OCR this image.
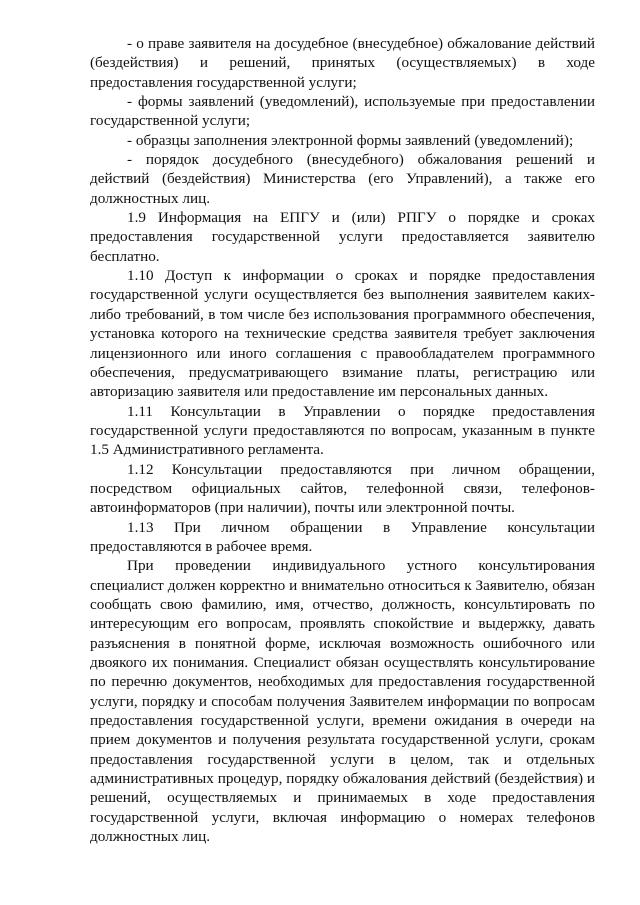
- о праве заявителя на досудебное (внесудебное) обжалование действий (бездействия) и решений, принятых (осуществляемых) в ходе предоставления государственной услуги;

- формы заявлений (уведомлений), используемые при предоставлении государственной услуги;

- образцы заполнения электронной формы заявлений (уведомлений);

- порядок досудебного (внесудебного) обжалования решений и действий (бездействия) Министерства (его Управлений), а также его должностных лиц.

1.9 Информация на ЕПГУ и (или) РПГУ о порядке и сроках предоставления государственной услуги предоставляется заявителю бесплатно.

1.10 Доступ к информации о сроках и порядке предоставления государственной услуги осуществляется без выполнения заявителем каких-либо требований, в том числе без использования программного обеспечения, установка которого на технические средства заявителя требует заключения лицензионного или иного соглашения с правообладателем программного обеспечения, предусматривающего взимание платы, регистрацию или авторизацию заявителя или предоставление им персональных данных.

1.11 Консультации в Управлении о порядке предоставления государственной услуги предоставляются по вопросам, указанным в пункте 1.5 Административного регламента.

1.12 Консультации предоставляются при личном обращении, посредством официальных сайтов, телефонной связи, телефонов-автоинформаторов (при наличии), почты или электронной почты.

1.13 При личном обращении в Управление консультации предоставляются в рабочее время.

При проведении индивидуального устного консультирования специалист должен корректно и внимательно относиться к Заявителю, обязан сообщать свою фамилию, имя, отчество, должность, консультировать по интересующим его вопросам, проявлять спокойствие и выдержку, давать разъяснения в понятной форме, исключая возможность ошибочного или двоякого их понимания. Специалист обязан осуществлять консультирование по перечню документов, необходимых для предоставления государственной услуги, порядку и способам получения Заявителем информации по вопросам предоставления государственной услуги, времени ожидания в очереди на прием документов и получения результата государственной услуги, срокам предоставления государственной услуги в целом, так и отдельных административных процедур, порядку обжалования действий (бездействия) и решений, осуществляемых и принимаемых в ходе предоставления государственной услуги, включая информацию о номерах телефонов должностных лиц.
